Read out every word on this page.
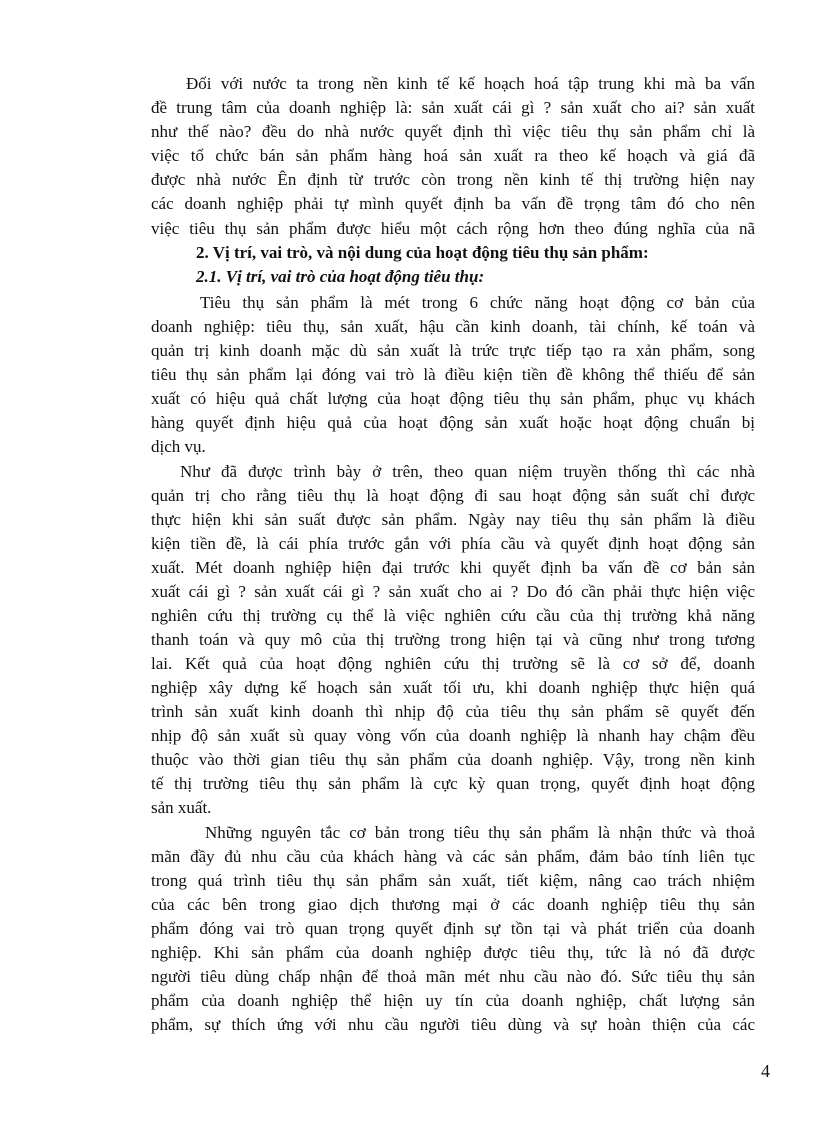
Đối với nước ta trong nền kinh tế kế hoạch hoá tập trung khi mà ba vấn
đề trung tâm của doanh nghiệp là: sản xuất cái gì ? sản xuất cho ai? sản xuất
như thế nào? đều do nhà nước quyết định thì việc tiêu thụ sản phẩm chỉ là
việc tổ chức bán sản phẩm hàng hoá sản xuất ra theo kế hoạch và giá đã
được nhà nước Ên định từ trước còn trong nền kinh tế thị trường hiện nay
các doanh nghiệp phải tự mình quyết định ba vấn đề trọng tâm đó cho nên
việc tiêu thụ sản phẩm được hiểu một cách rộng hơn theo đúng nghĩa của nã
2. Vị trí, vai trò, và nội dung của hoạt động tiêu thụ sản phẩm:
2.1. Vị trí, vai trò của hoạt động tiêu thụ:
Tiêu thụ sản phẩm là mét trong 6 chức năng hoạt động cơ bản của
doanh nghiệp: tiêu thụ, sản xuất, hậu cần kinh doanh, tài chính, kế toán và
quản trị kinh doanh mặc dù sản xuất là trức trực tiếp tạo ra xản phẩm, song
tiêu thụ sản phẩm lại đóng vai trò là điều kiện tiền đề không thể thiếu để sản
xuất có hiệu quả chất lượng của hoạt động tiêu thụ sản phẩm, phục vụ khách
hàng quyết định hiệu quả của hoạt động sản xuất hoặc hoạt động chuẩn bị
dịch vụ.
Như đã được trình bày ở trên, theo quan niệm truyền thống thì các nhà
quản trị cho rằng tiêu thụ là hoạt động đi sau hoạt động sản suất chỉ được
thực hiện khi sản suất được sản phẩm. Ngày nay tiêu thụ sản phẩm là điều
kiện tiền đề, là cái phía trước gắn với phía cầu và quyết định hoạt động sản
xuất. Mét doanh nghiệp hiện đại trước khi quyết định ba vấn đề cơ bản sản
xuất cái gì ? sản xuất cái gì ? sản xuất cho ai ? Do đó cần phải thực hiện việc
nghiên cứu thị trường cụ thể là việc nghiên cứu cầu của thị trường khả năng
thanh toán và quy mô của thị trường trong hiện tại và cũng như trong tương
lai. Kết quả của hoạt động nghiên cứu thị trường sẽ là cơ sở để, doanh
nghiệp xây dựng kế hoạch sản xuất tối ưu, khi doanh nghiệp thực hiện quá
trình sản xuất kinh doanh thì nhịp độ của tiêu thụ sản phẩm sẽ quyết đến
nhịp độ sản xuất sù quay vòng vốn của doanh nghiệp là nhanh hay chậm đều
thuộc vào thời gian tiêu thụ sản phẩm của doanh nghiệp. Vậy, trong nền kinh
tế thị trường tiêu thụ sản phẩm là cực kỳ quan trọng, quyết định hoạt động
sản xuất.
Những nguyên tắc cơ bản trong tiêu thụ sản phẩm là nhận thức và thoả
mãn đầy đủ nhu cầu của khách hàng và các sản phẩm, đảm bảo tính liên tục
trong quá trình tiêu thụ sản phẩm sản xuất, tiết kiệm, nâng cao trách nhiệm
của các bên trong giao dịch thương mại ở các doanh nghiệp tiêu thụ sản
phẩm đóng vai trò quan trọng quyết định sự tồn tại và phát triển của doanh
nghiệp. Khi sản phẩm của doanh nghiệp được tiêu thụ, tức là nó đã được
người tiêu dùng chấp nhận để thoả mãn mét nhu cầu nào đó. Sức tiêu thụ sản
phẩm của doanh nghiệp thể hiện uy tín của doanh nghiệp, chất lượng sản
phẩm, sự thích ứng với nhu cầu người tiêu dùng và sự hoàn thiện của các
4
